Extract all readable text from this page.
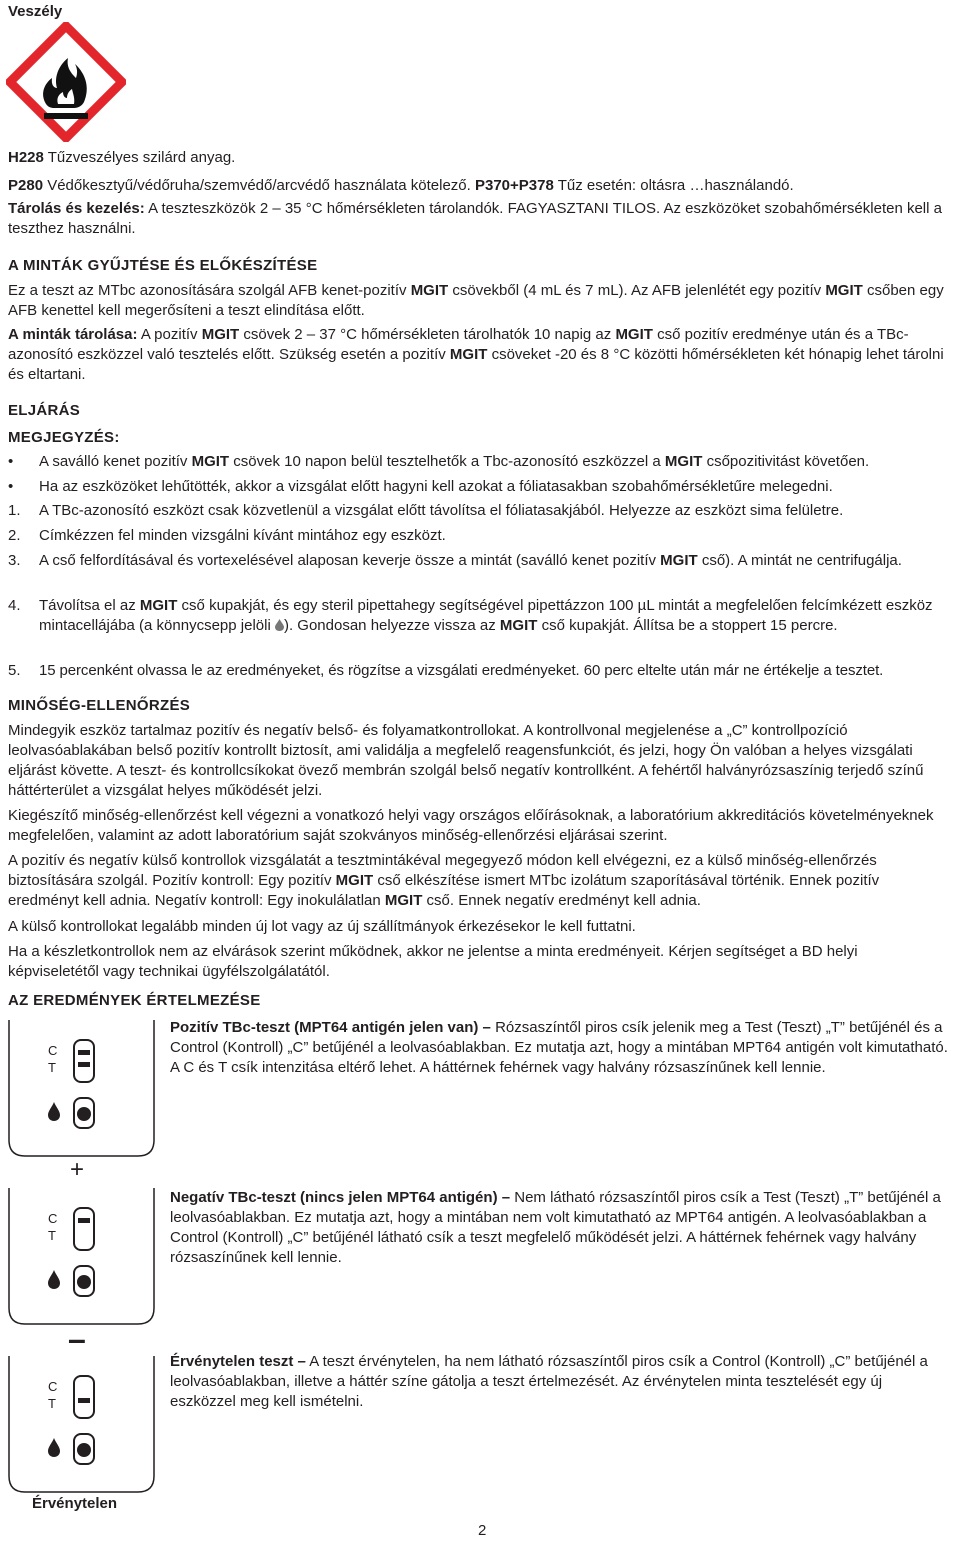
Veszély

H228 Tűzveszélyes szilárd anyag.

P280 Védőkesztyű/védőruha/szemvédő/arcvédő használata kötelező. P370+P378 Tűz esetén: oltásra …használandó.

Tárolás és kezelés: A teszteszközök 2 – 35 °C hőmérsékleten tárolandók. FAGYASZTANI TILOS. Az eszközöket szobahőmérsékleten kell a teszthez használni.

A MINTÁK GYŰJTÉSE ÉS ELŐKÉSZÍTÉSE

Ez a teszt az MTbc azonosítására szolgál AFB kenet-pozitív MGIT csövekből (4 mL és 7 mL). Az AFB jelenlétét egy pozitív MGIT csőben egy AFB kenettel kell megerősíteni a teszt elindítása előtt.

A minták tárolása: A pozitív MGIT csövek 2 – 37 °C hőmérsékleten tárolhatók 10 napig az MGIT cső pozitív eredménye után és a TBc-azonosító eszközzel való tesztelés előtt. Szükség esetén a pozitív MGIT csöveket -20 és 8 °C közötti hőmérsékleten két hónapig lehet tárolni és eltartani.

ELJÁRÁS
MEGJEGYZÉS:
• A saválló kenet pozitív MGIT csövek 10 napon belül tesztelhetők a Tbc-azonosító eszközzel a MGIT csőpozitivitást követően.

• Ha az eszközöket lehűtötték, akkor a vizsgálat előtt hagyni kell azokat a fóliatasakban szobahőmérsékletűre melegedni.

1. A TBc-azonosító eszközt csak közvetlenül a vizsgálat előtt távolítsa el fóliatasakjából. Helyezze az eszközt sima felületre.

2. Címkézzen fel minden vizsgálni kívánt mintához egy eszközt.

3. A cső felfordításával és vortexelésével alaposan keverje össze a mintát (saválló kenet pozitív MGIT cső). A mintát ne centrifugálja.

4. Távolítsa el az MGIT cső kupakját, és egy steril pipettahegy segítségével pipettázzon 100 µL mintát a megfelelően felcímkézett eszköz mintacellájába (a könnycsepp jelöli ). Gondosan helyezze vissza az MGIT cső kupakját. Állítsa be a stoppert 15 percre.

5. 15 percenként olvassa le az eredményeket, és rögzítse a vizsgálati eredményeket. 60 perc eltelte után már ne értékelje a tesztet.

MINŐSÉG-ELLENŐRZÉS

Mindegyik eszköz tartalmaz pozitív és negatív belső- és folyamatkontrollokat. A kontrollvonal megjelenése a „C” kontrollpozíció leolvasóablakában belső pozitív kontrollt biztosít, ami validálja a megfelelő reagensfunkciót, és jelzi, hogy Ön valóban a helyes vizsgálati eljárást követte. A teszt- és kontrollcsíkokat övező membrán szolgál belső negatív kontrollként. A fehértől halványrózsaszínig terjedő színű háttérterület a vizsgálat helyes működését jelzi.

Kiegészítő minőség-ellenőrzést kell végezni a vonatkozó helyi vagy országos előírásoknak, a laboratórium akkreditációs követelményeknek megfelelően, valamint az adott laboratórium saját szokványos minőség-ellenőrzési eljárásai szerint.

A pozitív és negatív külső kontrollok vizsgálatát a tesztmintákéval megegyező módon kell elvégezni, ez a külső minőség-ellenőrzés biztosítására szolgál. Pozitív kontroll: Egy pozitív MGIT cső elkészítése ismert MTbc izolátum szaporításával történik. Ennek pozitív eredményt kell adnia. Negatív kontroll: Egy inokulálatlan MGIT cső. Ennek negatív eredményt kell adnia.

A külső kontrollokat legalább minden új lot vagy az új szállítmányok érkezésekor le kell futtatni.

Ha a készletkontrollok nem az elvárások szerint működnek, akkor ne jelentse a minta eredményeit. Kérjen segítséget a BD helyi képviseletétől vagy technikai ügyfélszolgálatától.

AZ EREDMÉNYEK ÉRTELMEZÉSE
C
T

Pozitív TBc-teszt (MPT64 antigén jelen van) – Rózsaszíntől piros csík jelenik meg a Test (Teszt) „T” betűjénél és a Control (Kontroll) „C” betűjénél a leolvasóablakban. Ez mutatja azt, hogy a mintában MPT64 antigén volt kimutatható. A C és T csík intenzitása eltérő lehet. A háttérnek fehérnek vagy halvány rózsaszínűnek kell lennie.

+
C
T

Negatív TBc-teszt (nincs jelen MPT64 antigén) – Nem látható rózsaszíntől piros csík a Test (Teszt) „T” betűjénél a leolvasóablakban. Ez mutatja azt, hogy a mintában nem volt kimutatható az MPT64 antigén. A leolvasóablakban a Control (Kontroll) „C” betűjénél látható csík a teszt megfelelő működését jelzi. A háttérnek fehérnek vagy halvány rózsaszínűnek kell lennie.

–
C
T

Érvénytelen teszt – A teszt érvénytelen, ha nem látható rózsaszíntől piros csík a Control (Kontroll) „C” betűjénél a leolvasóablakban, illetve a háttér színe gátolja a teszt értelmezését. Az érvénytelen minta tesztelését egy új eszközzel meg kell ismételni.

Érvénytelen
2
